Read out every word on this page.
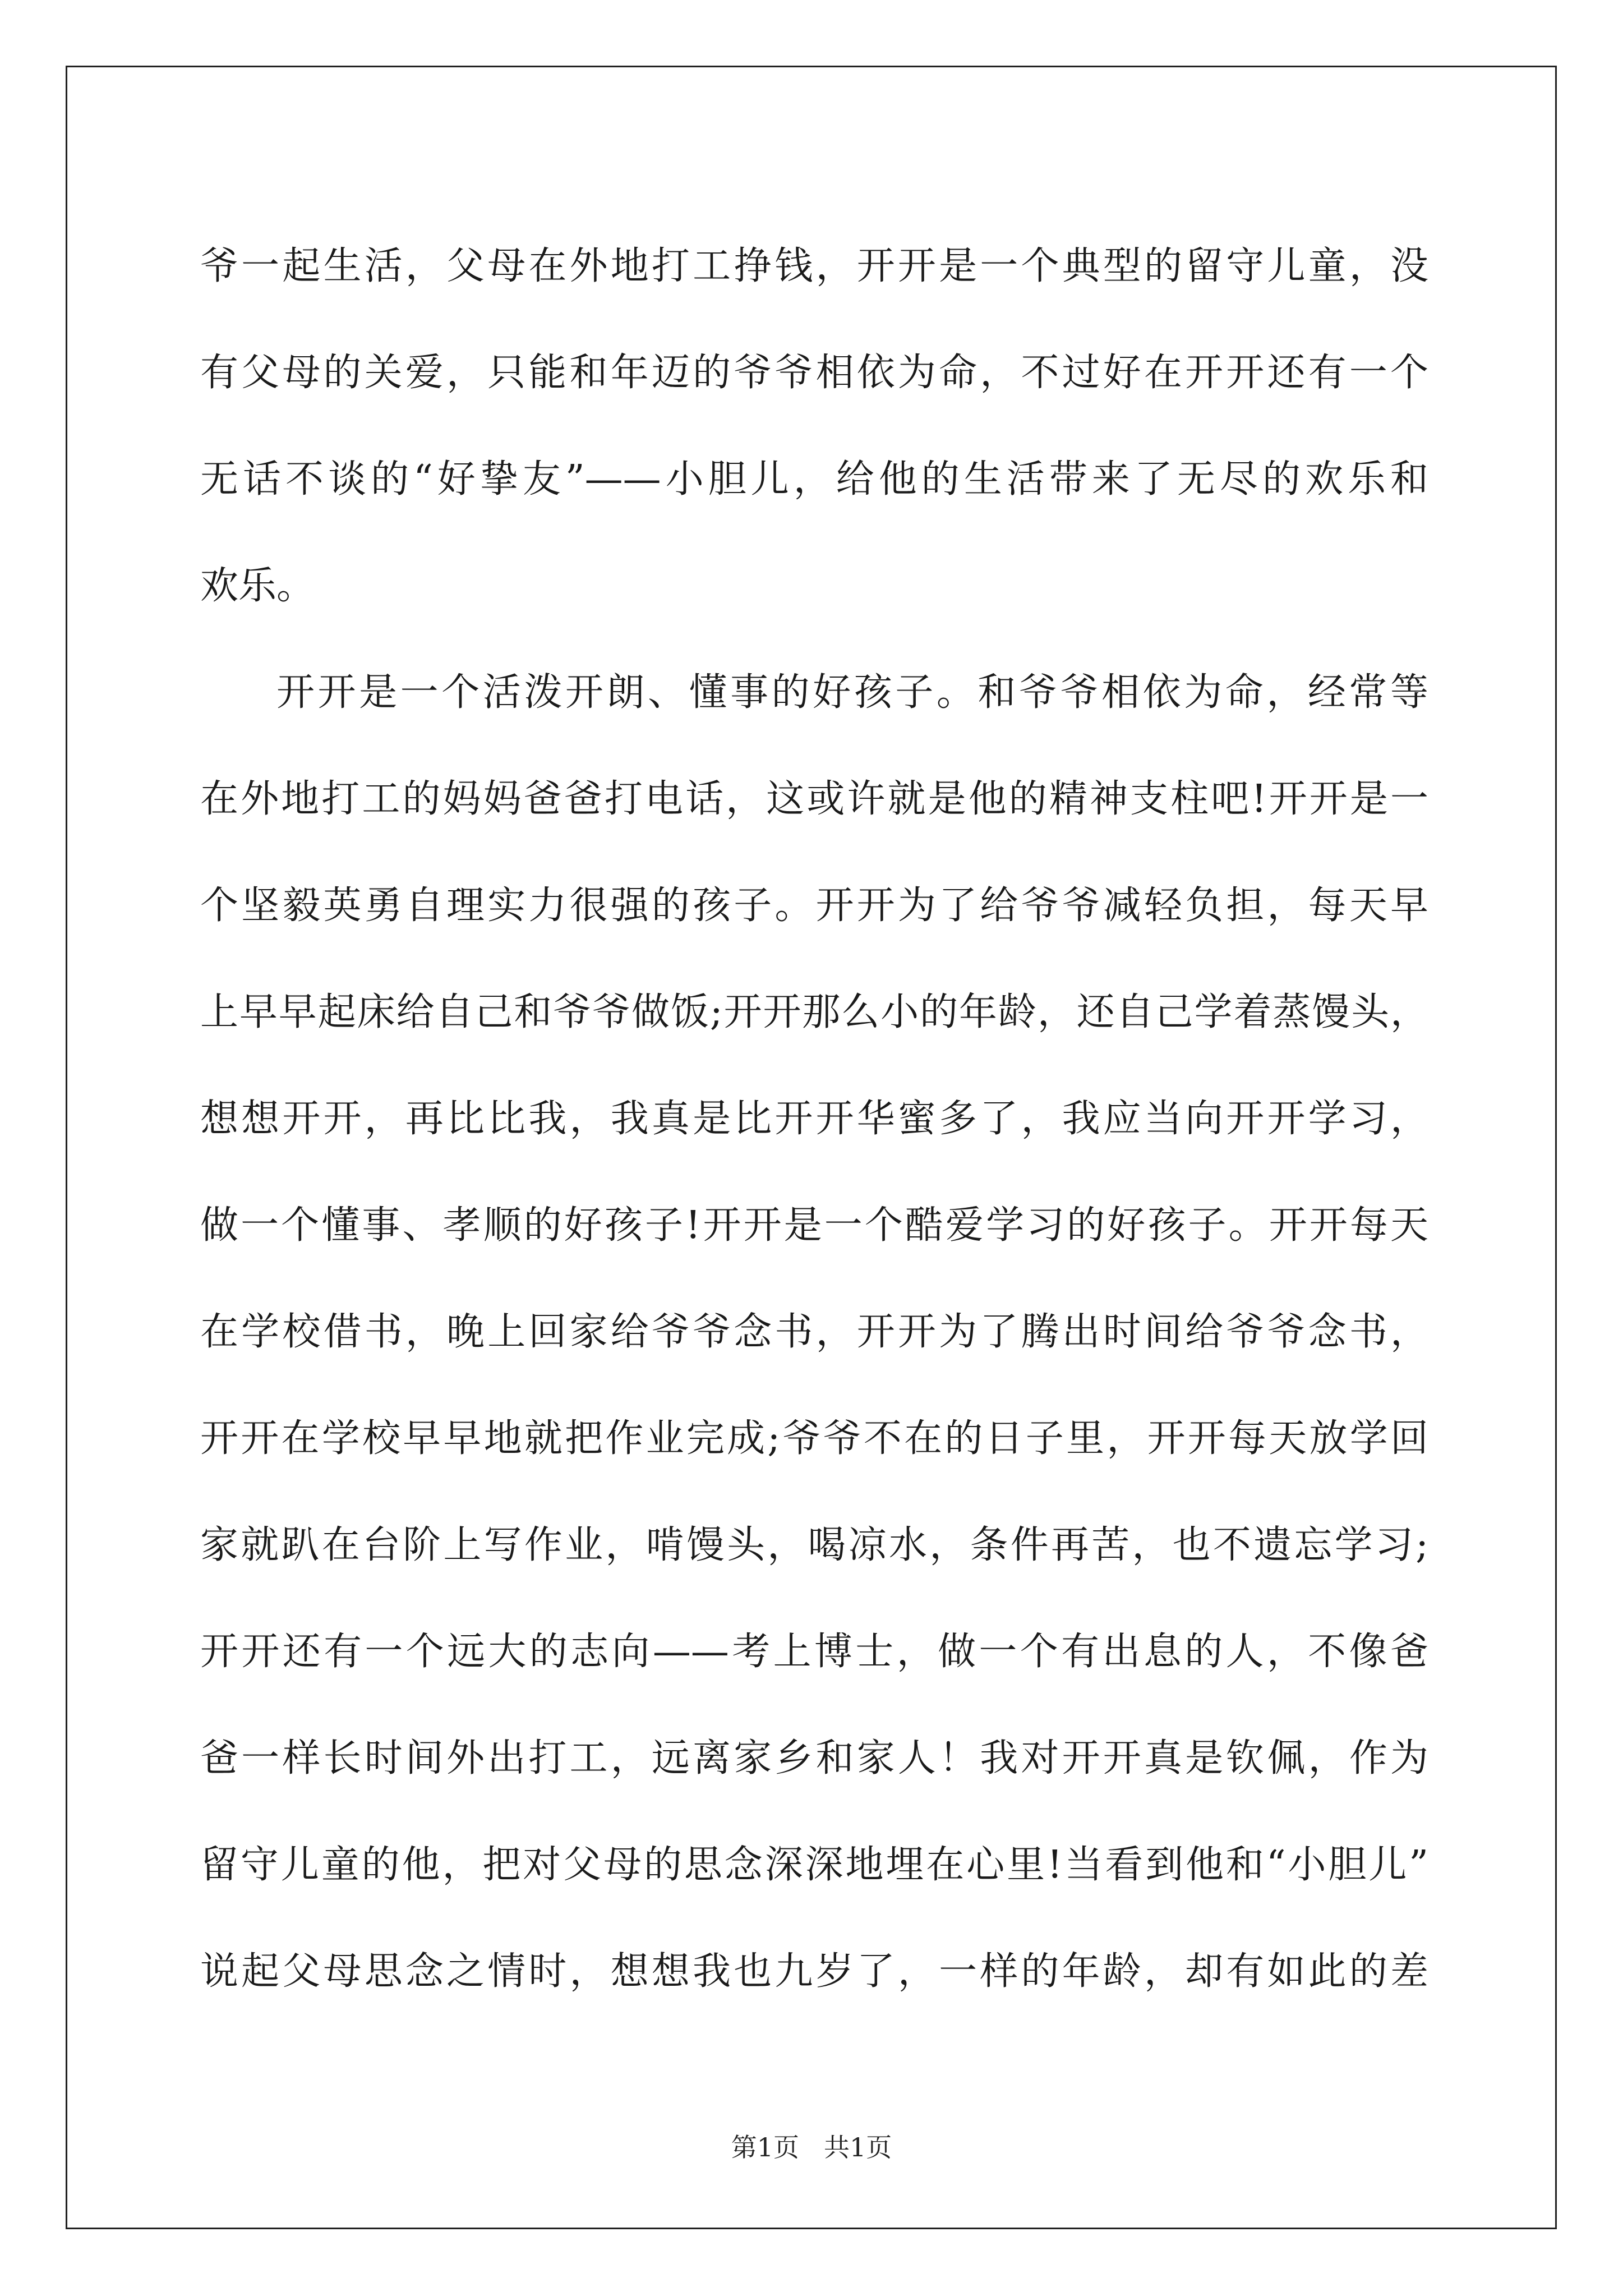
爷一起生活，父母在外地打工挣钱，开开是一个典型的留守儿童，没
有父母的关爱，只能和年迈的爷爷相依为命，不过好在开开还有一个
无话不谈的“好挚友”——小胆儿，给他的生活带来了无尽的欢乐和
欢乐。
开开是一个活泼开朗、懂事的好孩子。和爷爷相依为命，经常等
在外地打工的妈妈爸爸打电话，这或许就是他的精神支柱吧!开开是一
个坚毅英勇自理实力很强的孩子。开开为了给爷爷减轻负担，每天早
上早早起床给自己和爷爷做饭;开开那么小的年龄，还自己学着蒸馒头，
想想开开，再比比我，我真是比开开华蜜多了，我应当向开开学习，
做一个懂事、孝顺的好孩子!开开是一个酷爱学习的好孩子。开开每天
在学校借书，晚上回家给爷爷念书，开开为了腾出时间给爷爷念书，
开开在学校早早地就把作业完成;爷爷不在的日子里，开开每天放学回
家就趴在台阶上写作业，啃馒头，喝凉水，条件再苦，也不遗忘学习;
开开还有一个远大的志向——考上博士，做一个有出息的人，不像爸
爸一样长时间外出打工，远离家乡和家人！我对开开真是钦佩，作为
留守儿童的他，把对父母的思念深深地埋在心里!当看到他和“小胆儿”
说起父母思念之情时，想想我也九岁了，一样的年龄，却有如此的差
第1页 共1页
